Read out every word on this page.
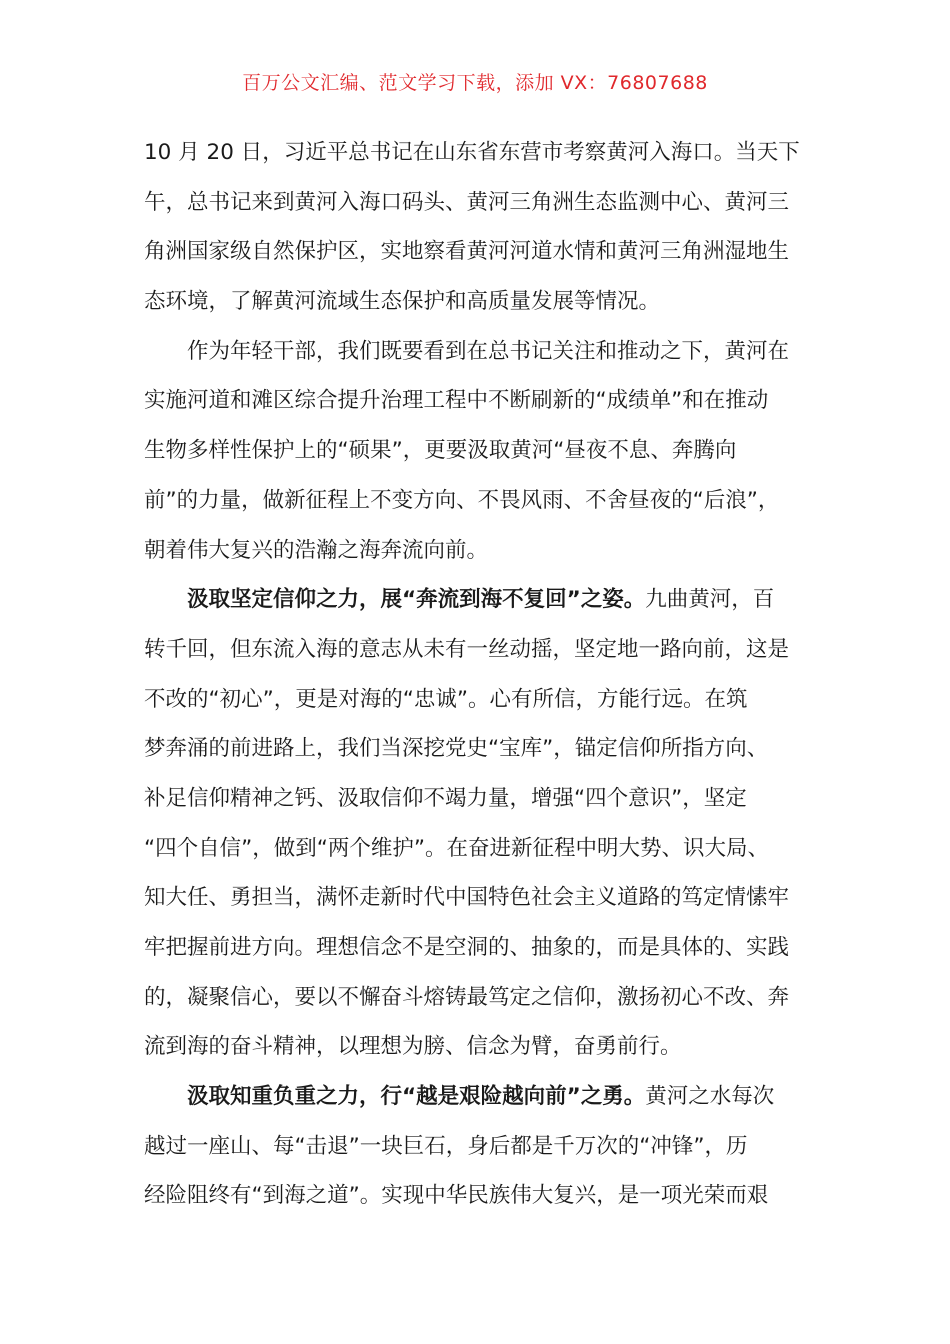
百万公文汇编、范文学习下载，添加 VX：76807688
10 月 20 日，习近平总书记在山东省东营市考察黄河入海口。当天下
午，总书记来到黄河入海口码头、黄河三角洲生态监测中心、黄河三
角洲国家级自然保护区，实地察看黄河河道水情和黄河三角洲湿地生
态环境，了解黄河流域生态保护和高质量发展等情况。
作为年轻干部，我们既要看到在总书记关注和推动之下，黄河在
实施河道和滩区综合提升治理工程中不断刷新的“成绩单”和在推动
生物多样性保护上的“硕果”，更要汲取黄河“昼夜不息、奔腾向
前”的力量，做新征程上不变方向、不畏风雨、不舍昼夜的“后浪”，
朝着伟大复兴的浩瀚之海奔流向前。
汲取坚定信仰之力，展“奔流到海不复回”之姿。九曲黄河，百
转千回，但东流入海的意志从未有一丝动摇，坚定地一路向前，这是
不改的“初心”，更是对海的“忠诚”。心有所信，方能行远。在筑
梦奔涌的前进路上，我们当深挖党史“宝库”，锚定信仰所指方向、
补足信仰精神之钙、汲取信仰不竭力量，增强“四个意识”，坚定
“四个自信”，做到“两个维护”。在奋进新征程中明大势、识大局、
知大任、勇担当，满怀走新时代中国特色社会主义道路的笃定情愫牢
牢把握前进方向。理想信念不是空洞的、抽象的，而是具体的、实践
的，凝聚信心，要以不懈奋斗熔铸最笃定之信仰，激扬初心不改、奔
流到海的奋斗精神，以理想为膀、信念为臂，奋勇前行。
汲取知重负重之力，行“越是艰险越向前”之勇。黄河之水每次
越过一座山、每“击退”一块巨石，身后都是千万次的“冲锋”，历
经险阻终有“到海之道”。实现中华民族伟大复兴，是一项光荣而艰
